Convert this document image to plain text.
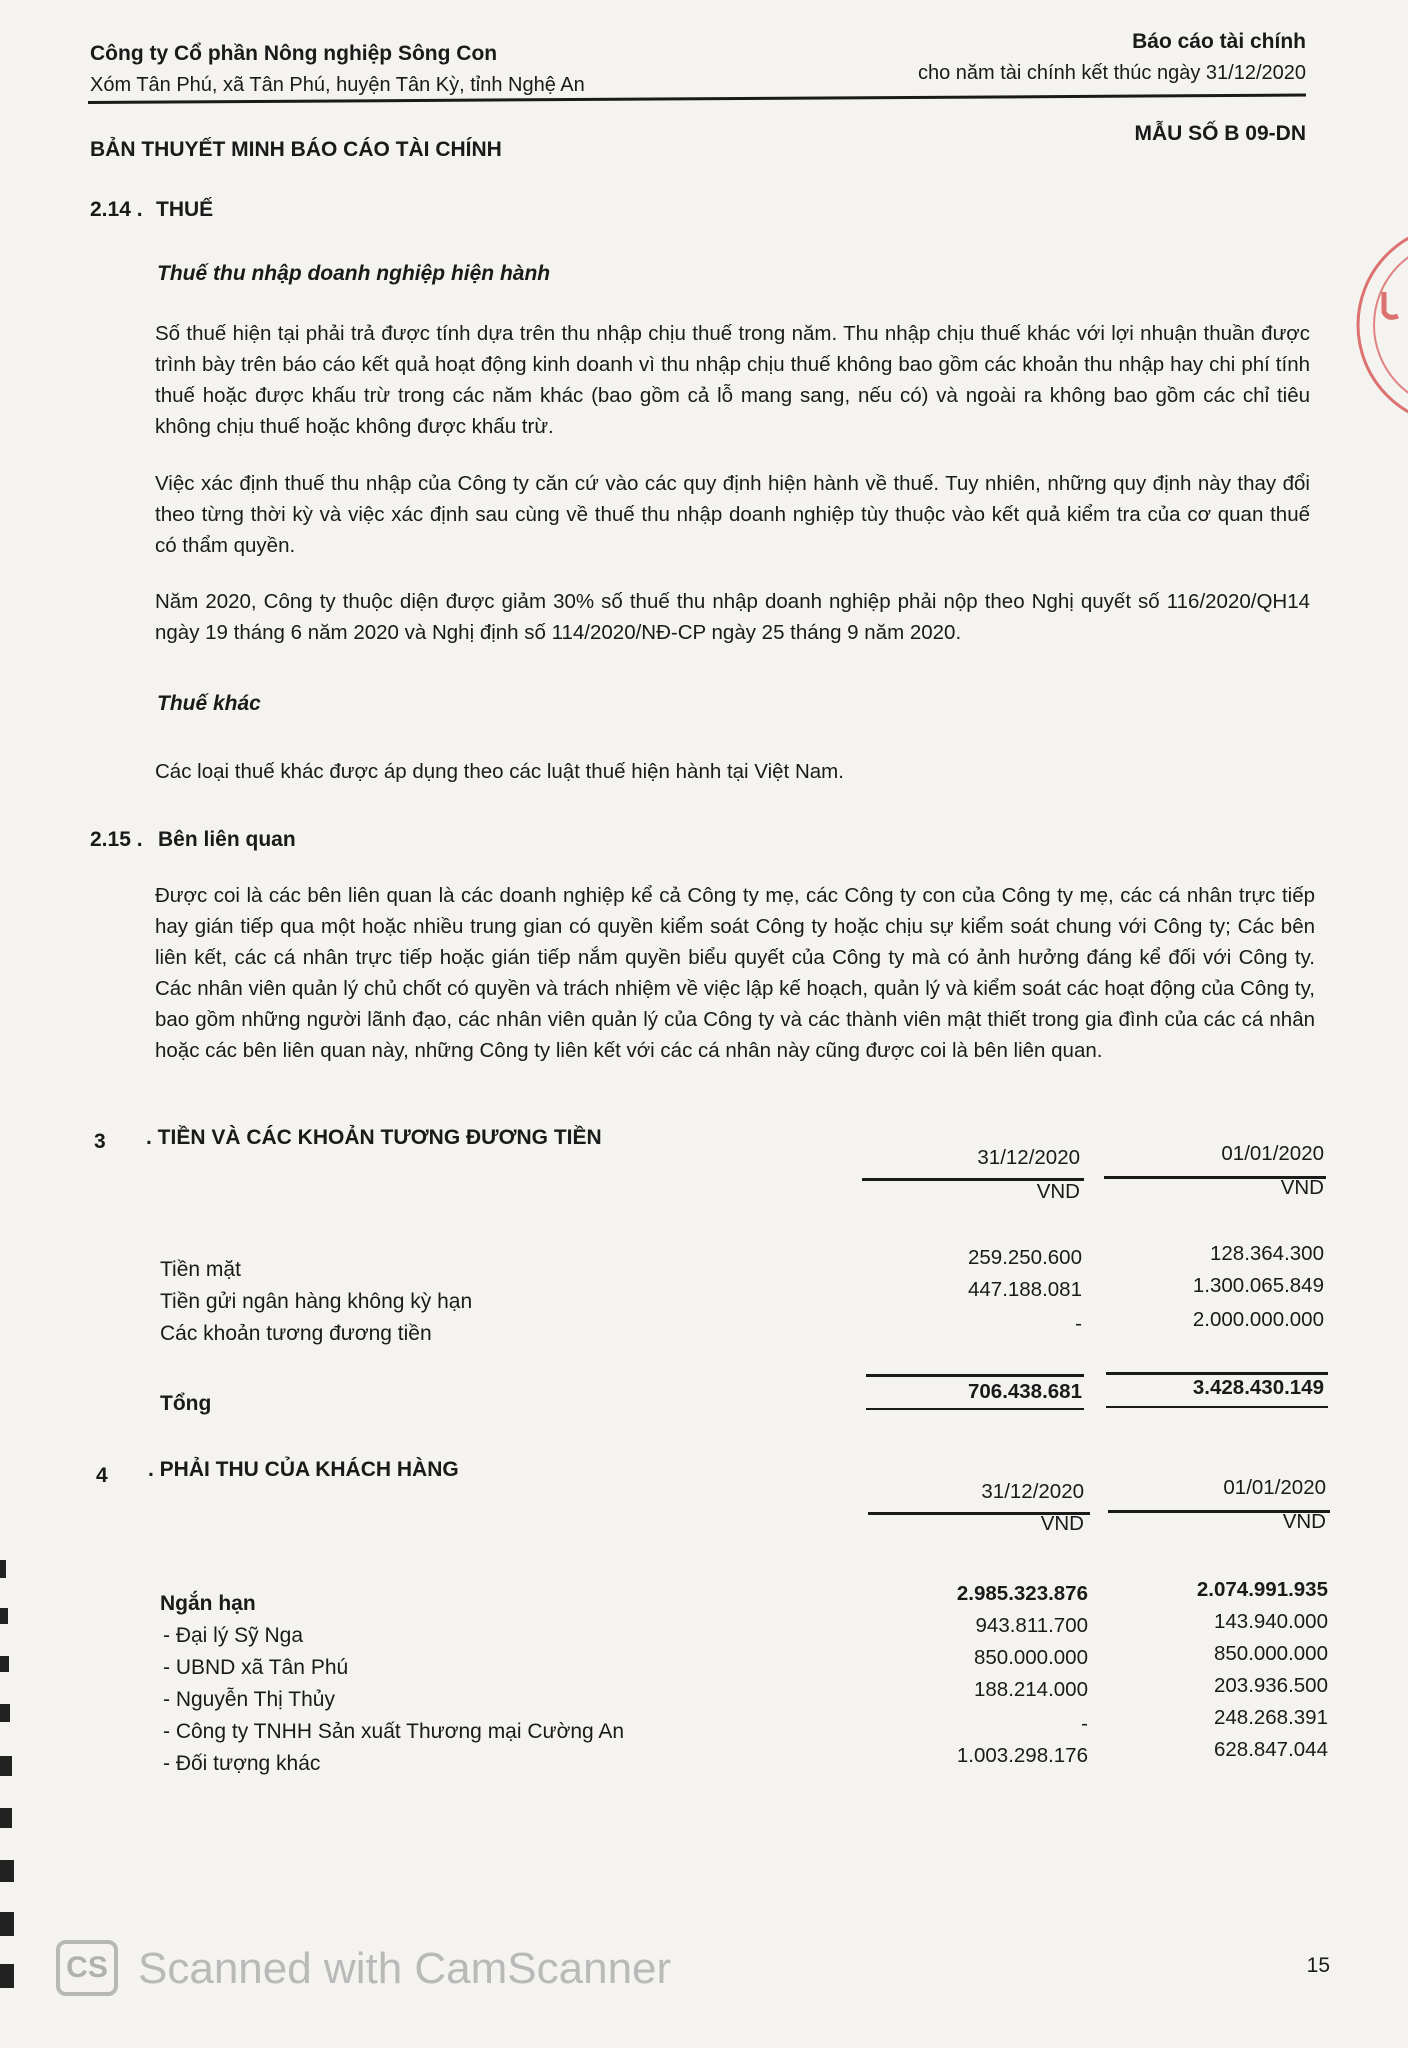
Công ty Cổ phần Nông nghiệp Sông Con
Xóm Tân Phú, xã Tân Phú, huyện Tân Kỳ, tỉnh Nghệ An
Báo cáo tài chính
cho năm tài chính kết thúc ngày 31/12/2020
BẢN THUYẾT MINH BÁO CÁO TÀI CHÍNH
MẪU SỐ B 09-DN
2.14 . THUẾ
Thuế thu nhập doanh nghiệp hiện hành
Số thuế hiện tại phải trả được tính dựa trên thu nhập chịu thuế trong năm. Thu nhập chịu thuế khác với lợi nhuận thuần được trình bày trên báo cáo kết quả hoạt động kinh doanh vì thu nhập chịu thuế không bao gồm các khoản thu nhập hay chi phí tính thuế hoặc được khấu trừ trong các năm khác (bao gồm cả lỗ mang sang, nếu có) và ngoài ra không bao gồm các chỉ tiêu không chịu thuế hoặc không được khấu trừ.
Việc xác định thuế thu nhập của Công ty căn cứ vào các quy định hiện hành về thuế. Tuy nhiên, những quy định này thay đổi theo từng thời kỳ và việc xác định sau cùng về thuế thu nhập doanh nghiệp tùy thuộc vào kết quả kiểm tra của cơ quan thuế có thẩm quyền.
Năm 2020, Công ty thuộc diện được giảm 30% số thuế thu nhập doanh nghiệp phải nộp theo Nghị quyết số 116/2020/QH14 ngày 19 tháng 6 năm 2020 và Nghị định số 114/2020/NĐ-CP ngày 25 tháng 9 năm 2020.
Thuế khác
Các loại thuế khác được áp dụng theo các luật thuế hiện hành tại Việt Nam.
2.15 . Bên liên quan
Được coi là các bên liên quan là các doanh nghiệp kể cả Công ty mẹ, các Công ty con của Công ty mẹ, các cá nhân trực tiếp hay gián tiếp qua một hoặc nhiều trung gian có quyền kiểm soát Công ty hoặc chịu sự kiểm soát chung với Công ty; Các bên liên kết, các cá nhân trực tiếp hoặc gián tiếp nắm quyền biểu quyết của Công ty mà có ảnh hưởng đáng kể đối với Công ty. Các nhân viên quản lý chủ chốt có quyền và trách nhiệm về việc lập kế hoạch, quản lý và kiểm soát các hoạt động của Công ty, bao gồm những người lãnh đạo, các nhân viên quản lý của Công ty và các thành viên mật thiết trong gia đình của các cá nhân hoặc các bên liên quan này, những Công ty liên kết với các cá nhân này cũng được coi là bên liên quan.
3 . TIỀN VÀ CÁC KHOẢN TƯƠNG ĐƯƠNG TIỀN
31/12/2020	01/01/2020
VND	VND
Tiền mặt
259.250.600	128.364.300
Tiền gửi ngân hàng không kỳ hạn
447.188.081	1.300.065.849
Các khoản tương đương tiền	-	2.000.000.000
Tổng
706.438.681	3.428.430.149
4 . PHẢI THU CỦA KHÁCH HÀNG
31/12/2020	01/01/2020
VND	VND
Ngắn hạn	2.985.323.876	2.074.991.935
- Đại lý Sỹ Nga	943.811.700	143.940.000
- UBND xã Tân Phú	850.000.000	850.000.000
- Nguyễn Thị Thủy	188.214.000	203.936.500
- Công ty TNHH Sản xuất Thương mại Cường An	-	248.268.391
- Đối tượng khác	1.003.298.176	628.847.044
CS Scanned with CamScanner	15
